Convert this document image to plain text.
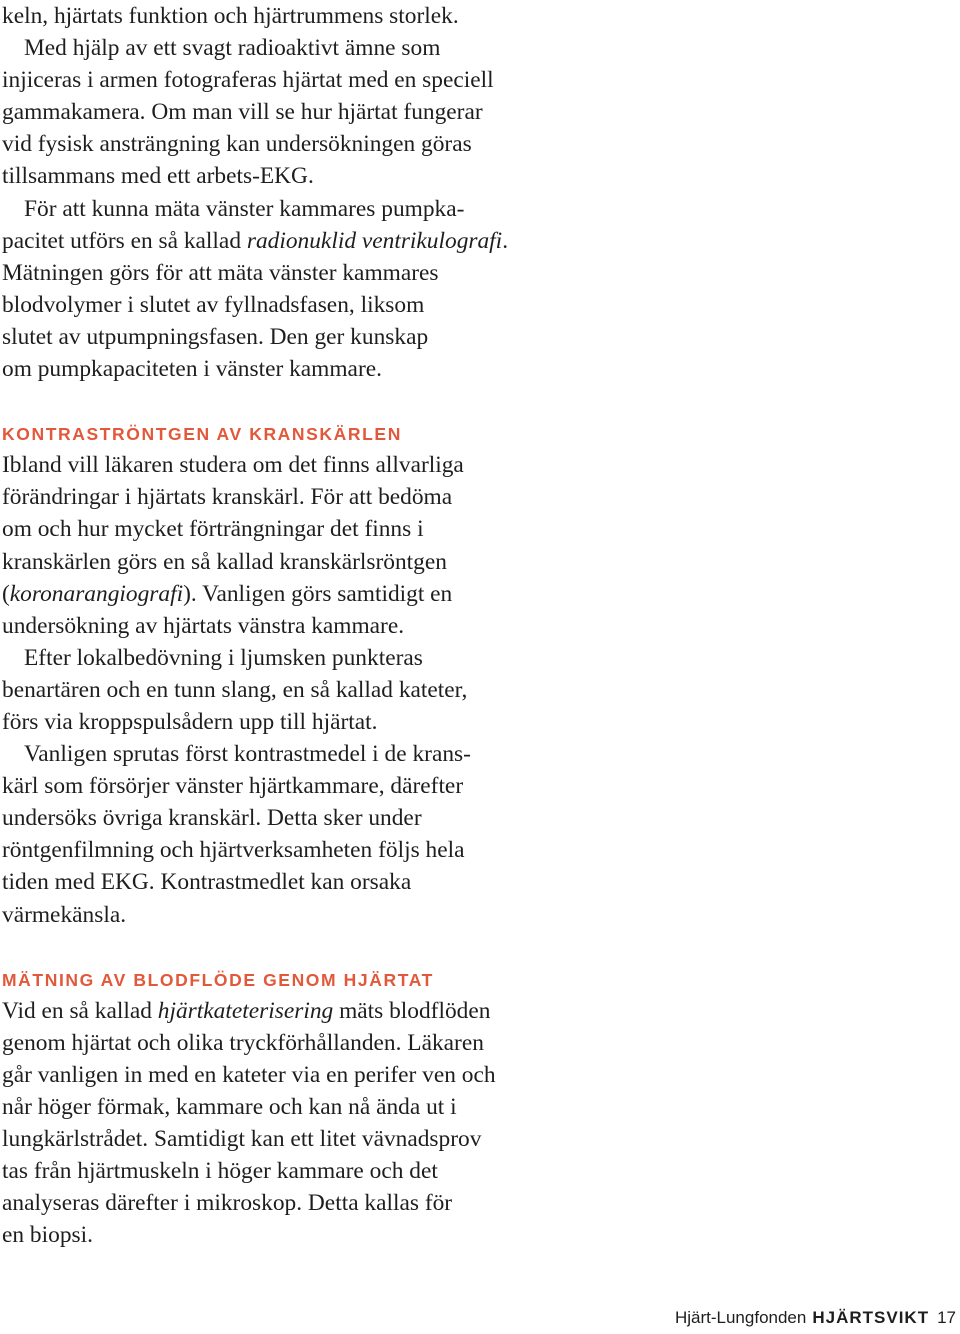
keln, hjärtats funktion och hjärtrummens storlek.
Med hjälp av ett svagt radioaktivt ämne som
injiceras i armen fotograferas hjärtat med en speciell
gammakamera. Om man vill se hur hjärtat fungerar
vid fysisk ansträngning kan undersökningen göras
tillsammans med ett arbets-EKG.
För att kunna mäta vänster kammares pumpka-
pacitet utförs en så kallad radionuklid ventrikulografi.
Mätningen görs för att mäta vänster kammares
blodvolymer i slutet av fyllnadsfasen, liksom
slutet av utpumpningsfasen. Den ger kunskap
om pumpkapaciteten i vänster kammare.
KONTRASTRÖNTGEN AV KRANSKÄRLEN
Ibland vill läkaren studera om det finns allvarliga
förändringar i hjärtats kranskärl. För att bedöma
om och hur mycket förträngningar det finns i
kranskärlen görs en så kallad kranskärlsröntgen
(koronarangiografi). Vanligen görs samtidigt en
undersökning av hjärtats vänstra kammare.
Efter lokalbedövning i ljumsken punkteras
benartären och en tunn slang, en så kallad kateter,
förs via kroppspulsådern upp till hjärtat.
Vanligen sprutas först kontrastmedel i de krans-
kärl som försörjer vänster hjärtkammare, därefter
undersöks övriga kranskärl. Detta sker under
röntgenfilmning och hjärtverksamheten följs hela
tiden med EKG. Kontrastmedlet kan orsaka
värmekänsla.
MÄTNING AV BLODFLÖDE GENOM HJÄRTAT
Vid en så kallad hjärtkateterisering mäts blodflöden
genom hjärtat och olika tryckförhållanden. Läkaren
går vanligen in med en kateter via en perifer ven och
når höger förmak, kammare och kan nå ända ut i
lungkärlstrådet. Samtidigt kan ett litet vävnadsprov
tas från hjärtmuskeln i höger kammare och det
analyseras därefter i mikroskop. Detta kallas för
en biopsi.
Hjärt-Lungfonden HJÄRTSVIKT 17
